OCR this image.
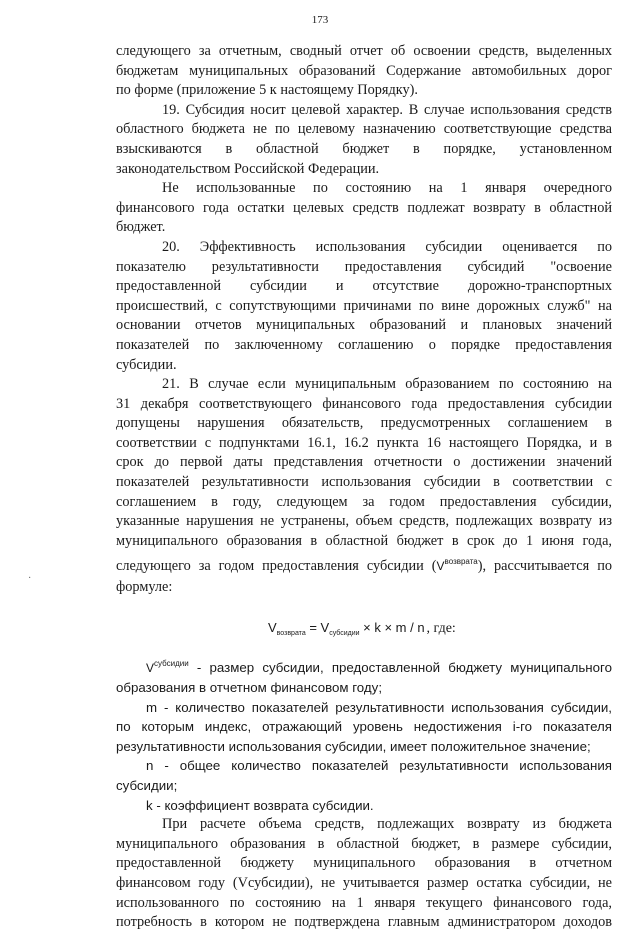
173
следующего за отчетным, сводный отчет об освоении средств, выделенных
бюджетам муниципальных образований Содержание автомобильных дорог
по форме (приложение 5 к настоящему Порядку).
19. Субсидия носит целевой характер. В случае использования средств
областного бюджета не по целевому назначению соответствующие средства
взыскиваются в областной бюджет в порядке, установленном
законодательством Российской Федерации.
Не использованные по состоянию на 1 января очередного
финансового года остатки целевых средств подлежат возврату в областной
бюджет.
20. Эффективность использования субсидии оценивается по
показателю результативности предоставления субсидий "освоение
предоставленной субсидии и отсутствие дорожно-транспортных
происшествий, с сопутствующими причинами по вине дорожных служб" на
основании отчетов муниципальных образований и плановых значений
показателей по заключенному соглашению о порядке предоставления
субсидии.
21. В случае если муниципальным образованием по состоянию на
31 декабря соответствующего финансового года предоставления субсидии
допущены нарушения обязательств, предусмотренных соглашением в
соответствии с подпунктами 16.1, 16.2 пункта 16 настоящего Порядка, и в
срок до первой даты представления отчетности о достижении значений
показателей результативности использования субсидии в соответствии с
соглашением в году, следующем за годом предоставления субсидии,
указанные нарушения не устранены, объем средств, подлежащих возврату из
муниципального образования в областной бюджет в срок до 1 июня года,
следующего за годом предоставления субсидии (Vвозврата), рассчитывается по
формуле:
$V_{возврата} = V_{субсидии} \times k \times m / n$ , где:
Vсубсидии - размер субсидии, предоставленной бюджету муниципального
образования в отчетном финансовом году;
m - количество показателей результативности использования субсидии,
по которым индекс, отражающий уровень недостижения i-го показателя
результативности использования субсидии, имеет положительное значение;
n - общее количество показателей результативности использования
субсидии;
k - коэффициент возврата субсидии.
При расчете объема средств, подлежащих возврату из бюджета
муниципального образования в областной бюджет, в размере субсидии,
предоставленной бюджету муниципального образования в отчетном
финансовом году (Vсубсидии), не учитывается размер остатка субсидии, не
использованного по состоянию на 1 января текущего финансового года,
потребность в котором не подтверждена главным администратором доходов
·
